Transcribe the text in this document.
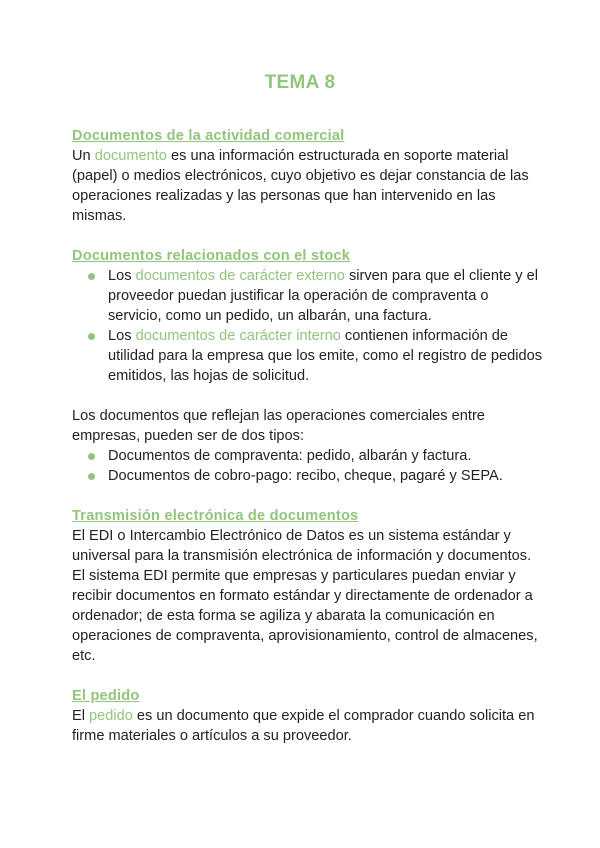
TEMA 8

Documentos de la actividad comercial

Un documento es una información estructurada en soporte material (papel) o medios electrónicos, cuyo objetivo es dejar constancia de las operaciones realizadas y las personas que han intervenido en las mismas.

Documentos relacionados con el stock

Los documentos de carácter externo sirven para que el cliente y el proveedor puedan justificar la operación de compraventa o servicio, como un pedido, un albarán, una factura.
Los documentos de carácter interno contienen información de utilidad para la empresa que los emite, como el registro de pedidos emitidos, las hojas de solicitud.

Los documentos que reflejan las operaciones comerciales entre empresas, pueden ser de dos tipos:

Documentos de compraventa: pedido, albarán y factura.
Documentos de cobro-pago: recibo, cheque, pagaré y SEPA.

Transmisión electrónica de documentos

El EDI o Intercambio Electrónico de Datos es un sistema estándar y universal para la transmisión electrónica de información y documentos. El sistema EDI permite que empresas y particulares puedan enviar y recibir documentos en formato estándar y directamente de ordenador a ordenador; de esta forma se agiliza y abarata la comunicación en operaciones de compraventa, aprovisionamiento, control de almacenes, etc.

El pedido

El pedido es un documento que expide el comprador cuando solicita en firme materiales o artículos a su proveedor.
